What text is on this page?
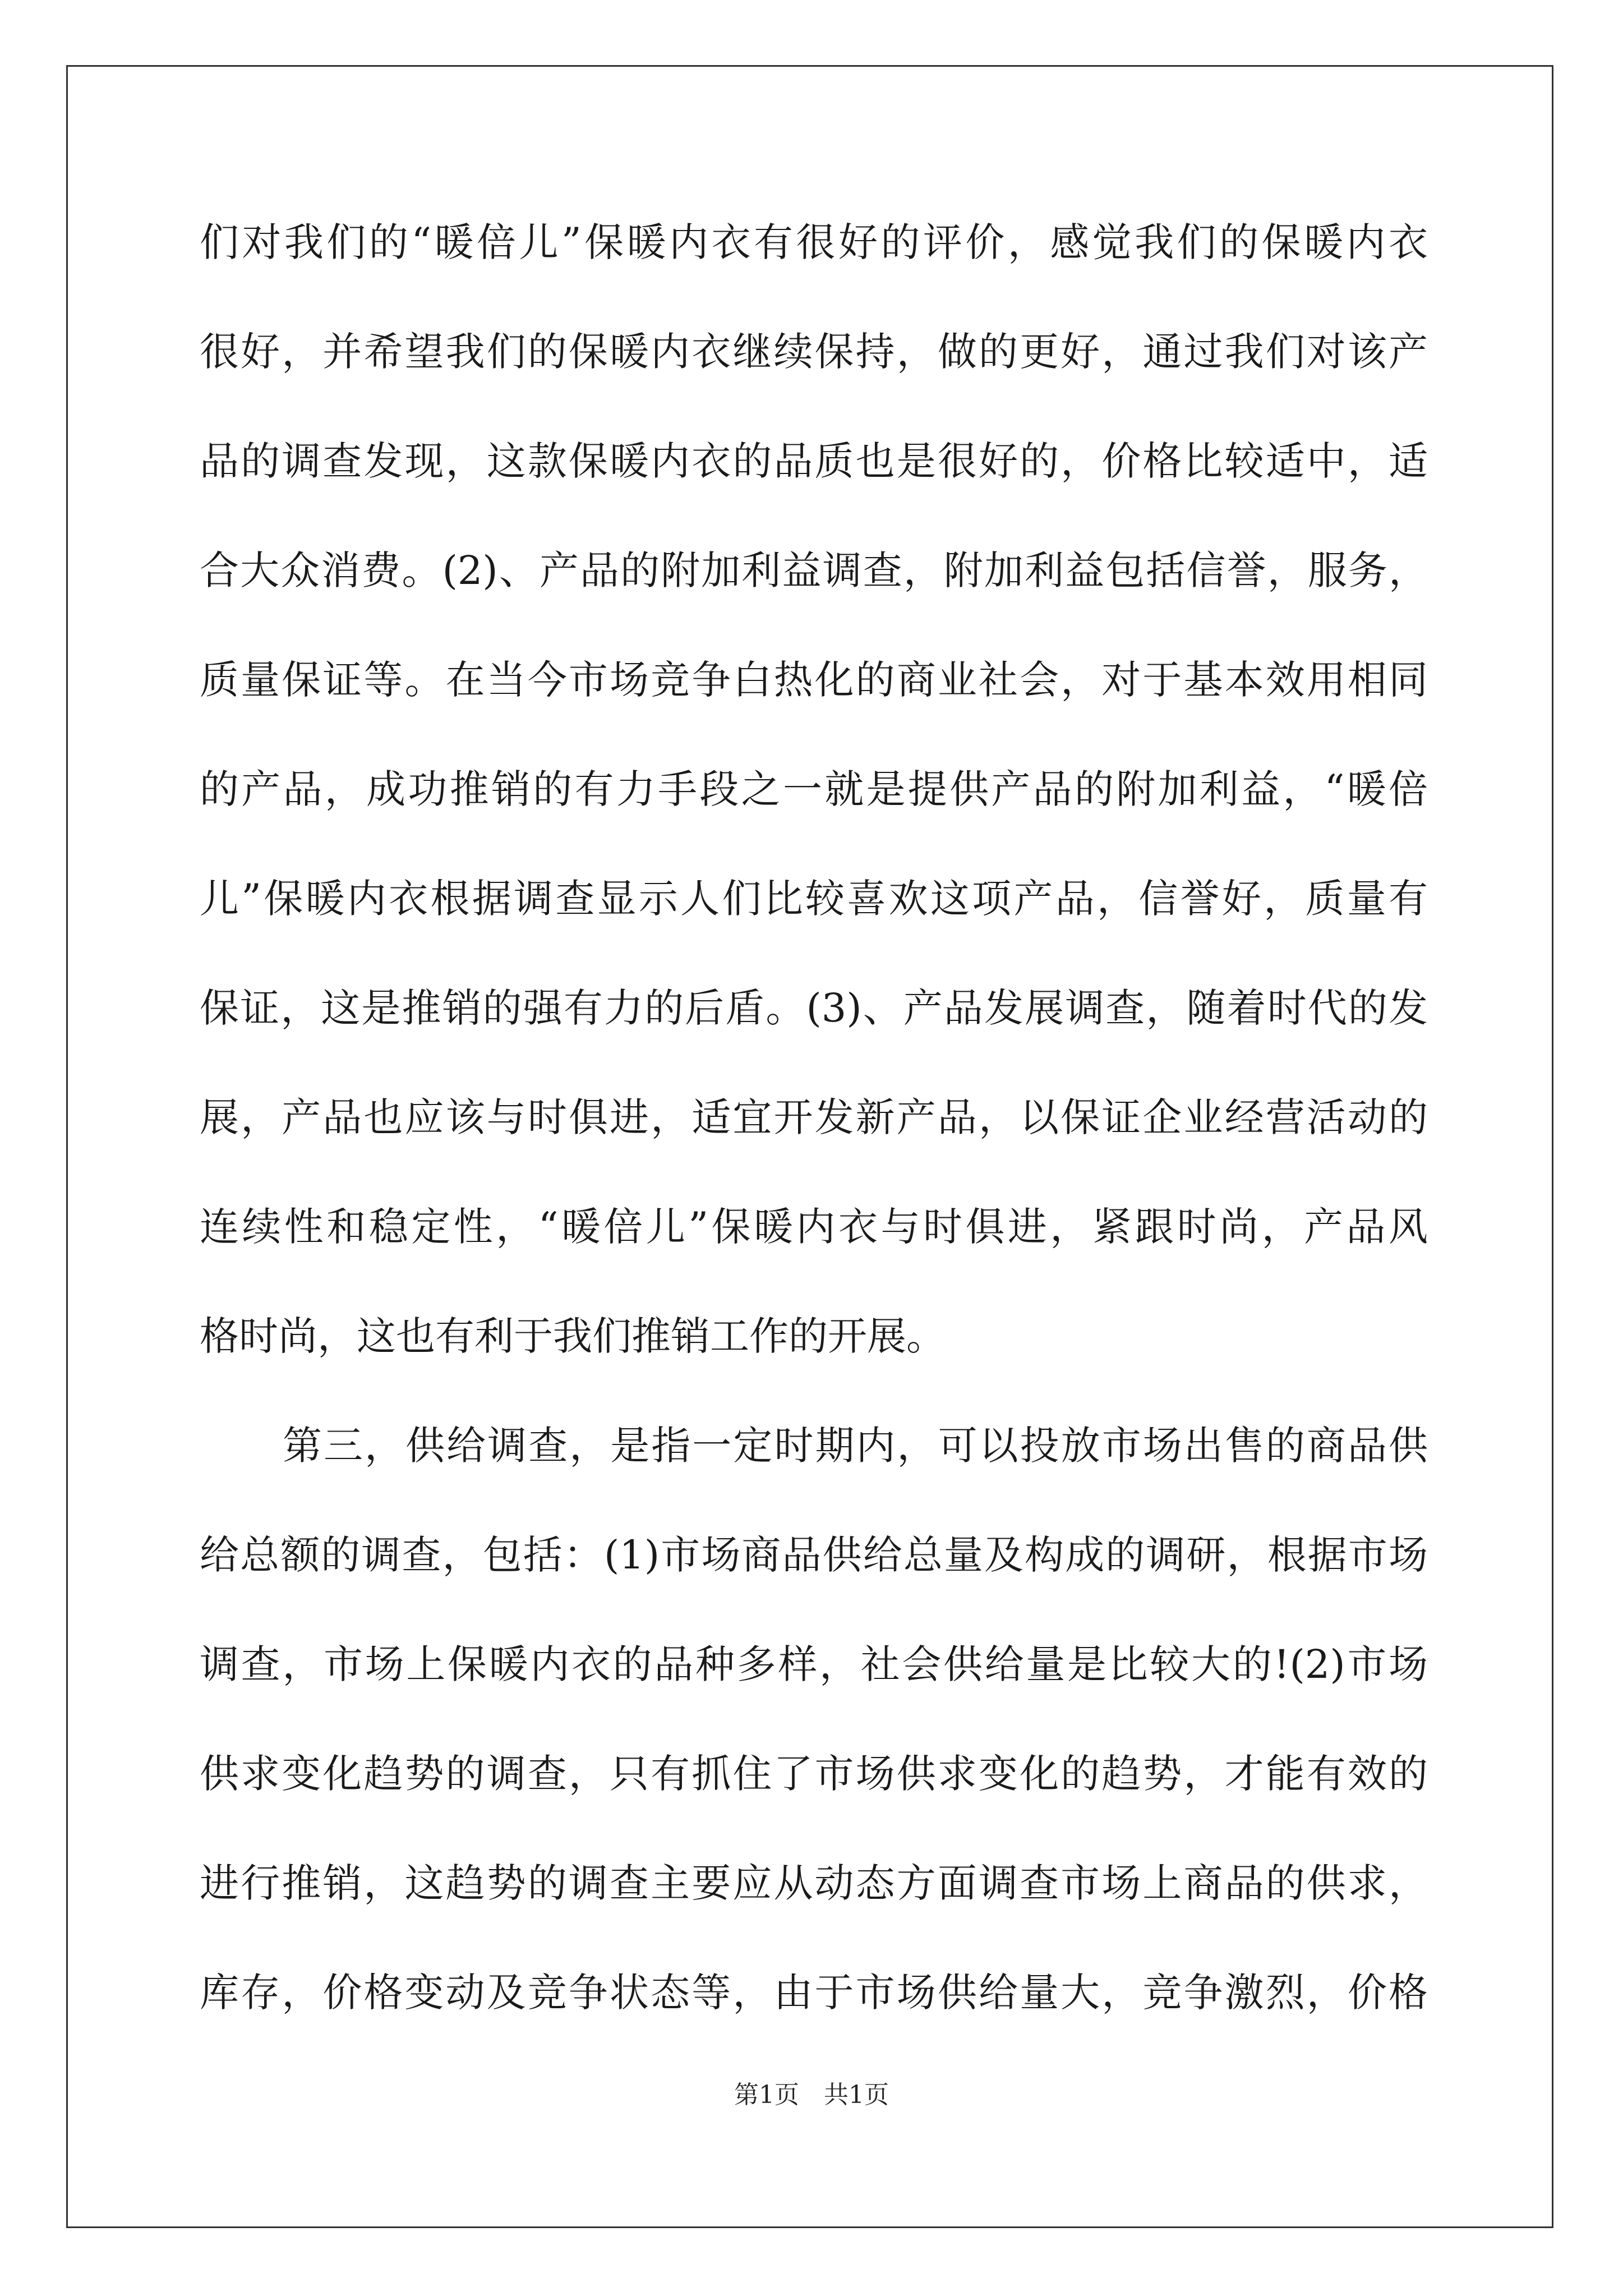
们对我们的“暖倍儿”保暖内衣有很好的评价，感觉我们的保暖内衣
很好，并希望我们的保暖内衣继续保持，做的更好，通过我们对该产
品的调查发现，这款保暖内衣的品质也是很好的，价格比较适中，适
合大众消费。(2)、产品的附加利益调查，附加利益包括信誉，服务，
质量保证等。在当今市场竞争白热化的商业社会，对于基本效用相同
的产品，成功推销的有力手段之一就是提供产品的附加利益，“暖倍
儿”保暖内衣根据调查显示人们比较喜欢这项产品，信誉好，质量有
保证，这是推销的强有力的后盾。(3)、产品发展调查，随着时代的发
展，产品也应该与时俱进，适宜开发新产品，以保证企业经营活动的
连续性和稳定性，“暖倍儿”保暖内衣与时俱进，紧跟时尚，产品风
格时尚，这也有利于我们推销工作的开展。
第三，供给调查，是指一定时期内，可以投放市场出售的商品供
给总额的调查，包括：(1)市场商品供给总量及构成的调研，根据市场
调查，市场上保暖内衣的品种多样，社会供给量是比较大的!(2)市场
供求变化趋势的调查，只有抓住了市场供求变化的趋势，才能有效的
进行推销，这趋势的调查主要应从动态方面调查市场上商品的供求，
库存，价格变动及竞争状态等，由于市场供给量大，竞争激烈，价格
第1页　共1页
